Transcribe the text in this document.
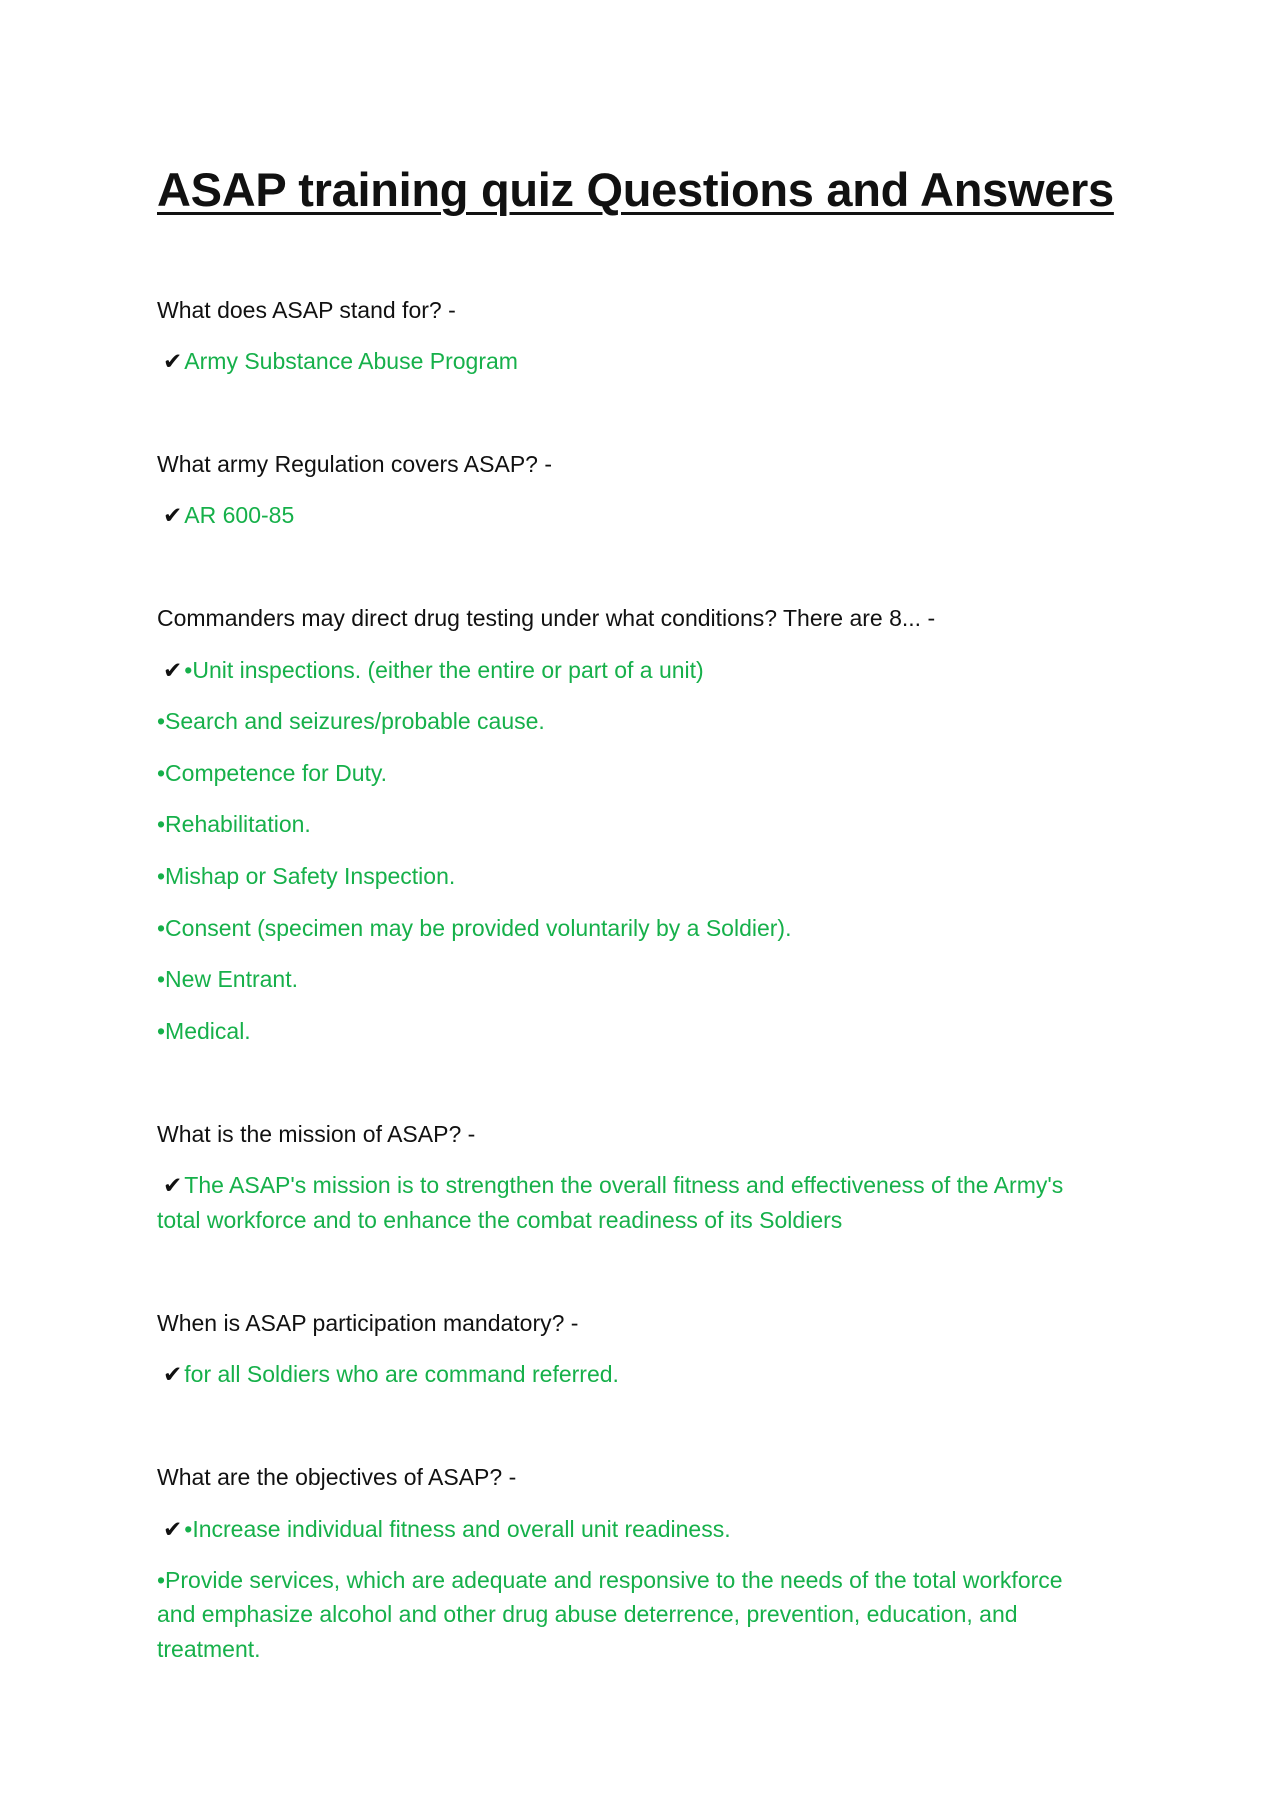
ASAP training quiz Questions and Answers
What does ASAP stand for? -
✔Army Substance Abuse Program
What army Regulation covers ASAP? -
✔AR 600-85
Commanders may direct drug testing under what conditions? There are 8... -
✔•Unit inspections. (either the entire or part of a unit)
•Search and seizures/probable cause.
•Competence for Duty.
•Rehabilitation.
•Mishap or Safety Inspection.
•Consent (specimen may be provided voluntarily by a Soldier).
•New Entrant.
•Medical.
What is the mission of ASAP? -
✔The ASAP's mission is to strengthen the overall fitness and effectiveness of the Army's
total workforce and to enhance the combat readiness of its Soldiers
When is ASAP participation mandatory? -
✔for all Soldiers who are command referred.
What are the objectives of ASAP? -
✔•Increase individual fitness and overall unit readiness.
•Provide services, which are adequate and responsive to the needs of the total workforce
and emphasize alcohol and other drug abuse deterrence, prevention, education, and
treatment.
